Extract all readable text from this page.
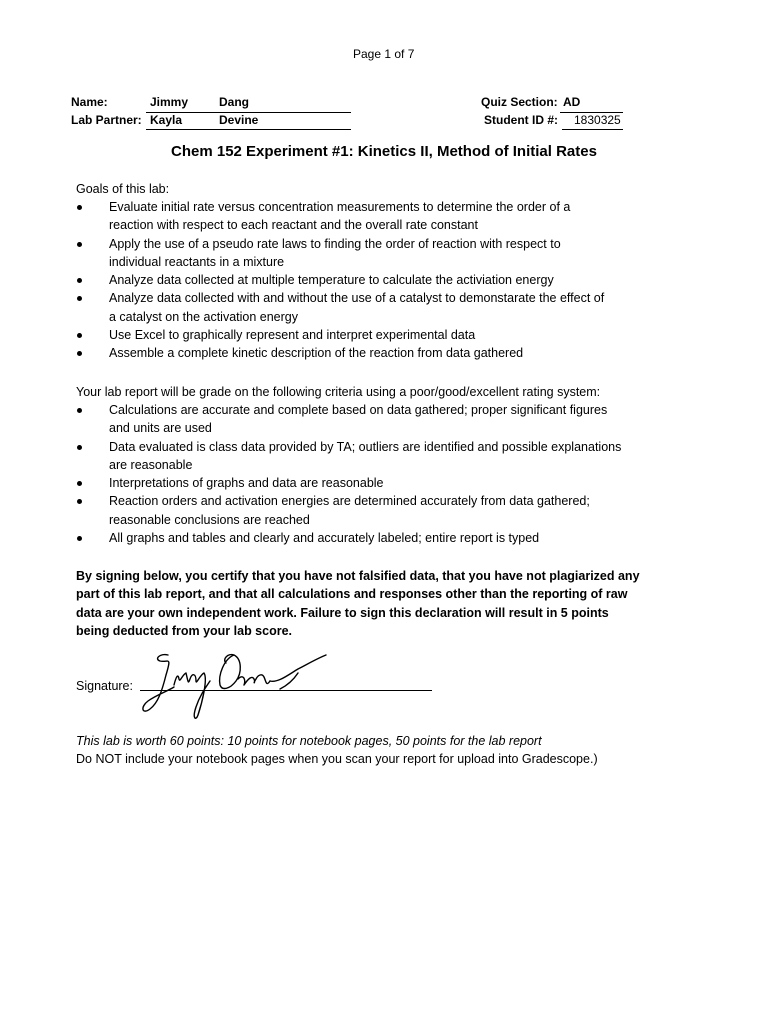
Page 1 of 7
Name:	Jimmy	Dang
Lab Partner: Kayla	Devine
Quiz Section: AD
Student ID #: 1830325
Chem 152 Experiment #1: Kinetics II, Method of Initial Rates
Goals of this lab:
Evaluate initial rate versus concentration measurements to determine the order of a
reaction with respect to each reactant and the overall rate constant
Apply the use of a pseudo rate laws to finding the order of reaction with respect to
individual reactants in a mixture
Analyze data collected at multiple temperature to calculate the activiation energy
Analyze data collected with and without the use of a catalyst to demonstarate the effect of
a catalyst on the activation energy
Use Excel to graphically represent and interpret experimental data
Assemble a complete kinetic description of the reaction from data gathered
Your lab report will be grade on the following criteria using a poor/good/excellent rating system:
Calculations are accurate and complete based on data gathered; proper significant figures
and units are used
Data evaluated is class data provided by TA; outliers are identified and possible explanations
are reasonable
Interpretations of graphs and data are reasonable
Reaction orders and activation energies are determined accurately from data gathered;
reasonable conclusions are reached
All graphs and tables and clearly and accurately labeled; entire report is typed
By signing below, you certify that you have not falsified data, that you have not plagiarized any
part of this lab report, and that all calculations and responses other than the reporting of raw
data are your own independent work. Failure to sign this declaration will result in 5 points
being deducted from your lab score.
Signature:
This lab is worth 60 points: 10 points for notebook pages, 50 points for the lab report
Do NOT include your notebook pages when you scan your report for upload into Gradescope.)
